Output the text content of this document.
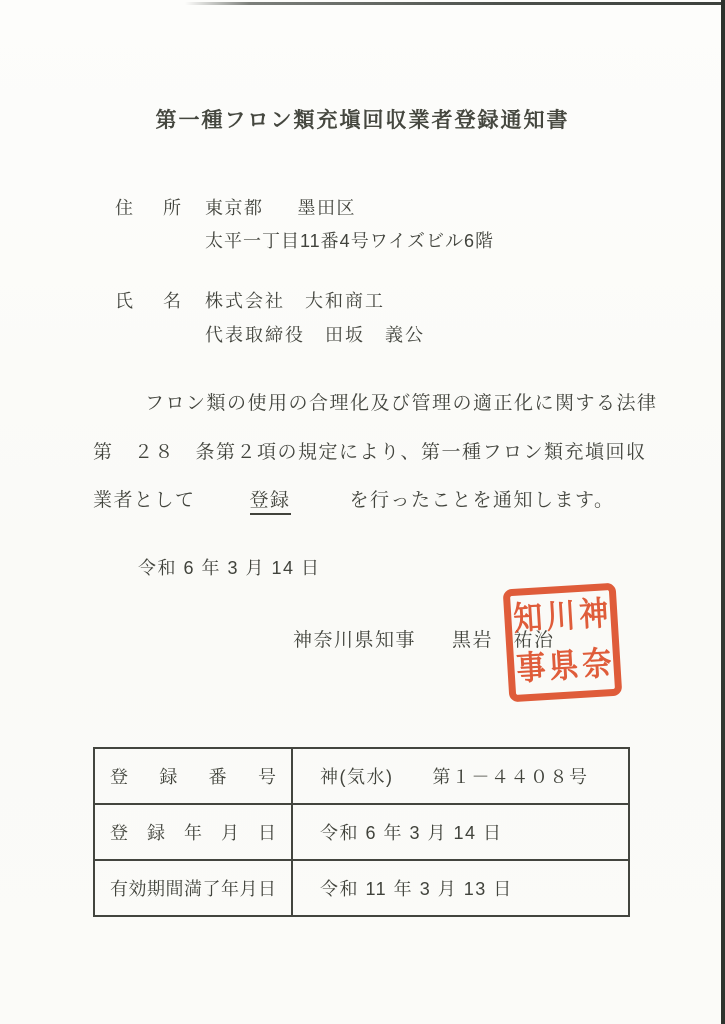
第一種フロン類充塡回収業者登録通知書
住所 東京都 墨田区
太平一丁目11番4号ワイズビル6階
氏名 株式会社　大和商工
代表取締役　田坂　義公
フロン類の使用の合理化及び管理の適正化に関する法律
第　２８　条第２項の規定により、第一種フロン類充塡回収
業者として	登録	を行ったことを通知します。
令和 6 年 3 月 14 日
神奈川県知事 黒岩　祐治
神
奈
川
県
知
事
登録番号	神(気水)　　第１－４４０８号
登録年月日	令和 6 年 3 月 14 日
有効期間満了年月日	令和 11 年 3 月 13 日
